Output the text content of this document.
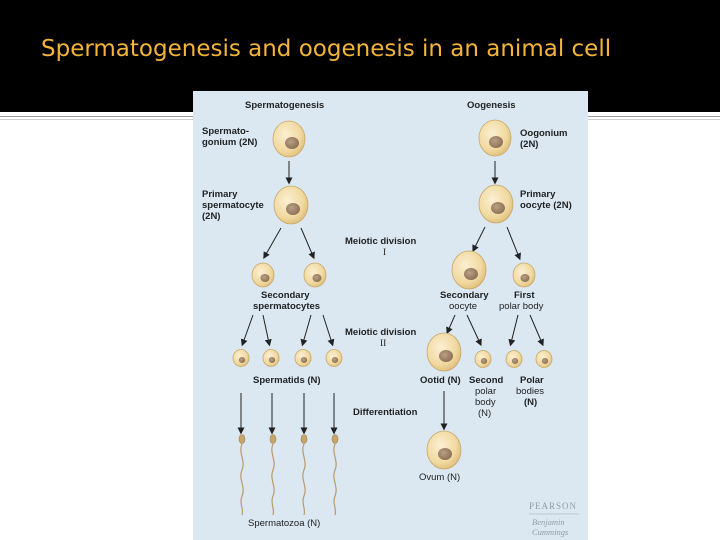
Spermatogenesis and oogenesis in an animal cell
Spermatogenesis	Oogenesis
Spermato-
gonium (2N)
Primary
spermatocyte
(2N)
Secondary
spermatocytes
Spermatids (N)
Spermatozoa (N)
Meiotic division
I
Meiotic division
II
Differentiation
Oogonium
(2N)
Primary
oocyte (2N)
Secondary
oocyte
First
polar body
Ootid (N) Second
polar
body
(N)
Polar
bodies
(N)
Ovum (N)
PEARSON
Benjamin
Cummings
